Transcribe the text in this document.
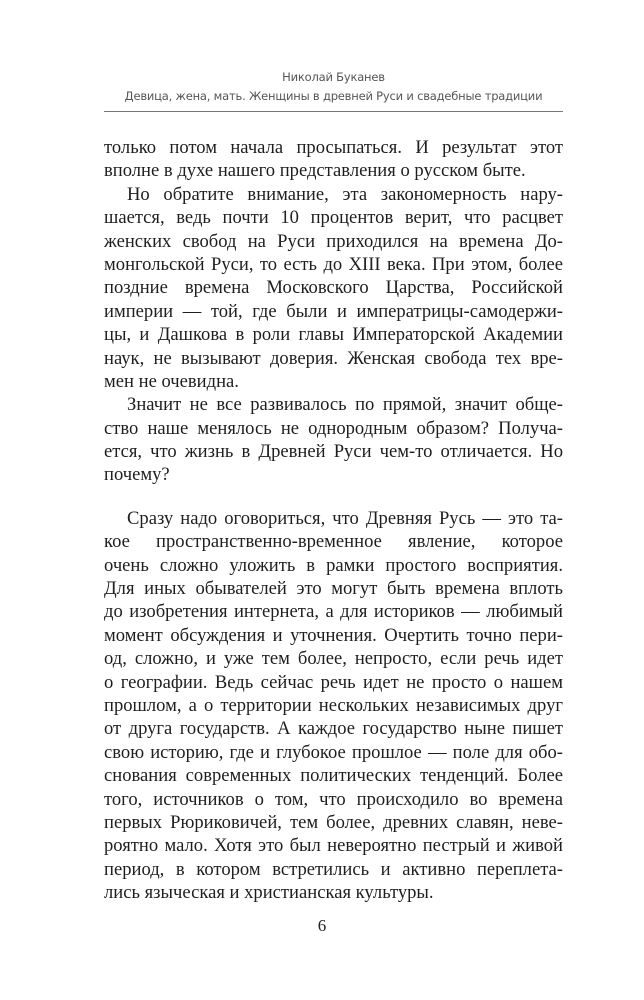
Николай Буканев
Девица, жена, мать. Женщины в древней Руси и свадебные традиции
только потом начала просыпаться. И результат этот
вполне в духе нашего представления о русском быте.
Но обратите внимание, эта закономерность нару-
шается, ведь почти 10 процентов верит, что расцвет
женских свобод на Руси приходился на времена До-
монгольской Руси, то есть до XIII века. При этом, более
поздние времена Московского Царства, Российской
империи — той, где были и императрицы-самодержи-
цы, и Дашкова в роли главы Императорской Академии
наук, не вызывают доверия. Женская свобода тех вре-
мен не очевидна.
Значит не все развивалось по прямой, значит обще-
ство наше менялось не однородным образом? Получа-
ется, что жизнь в Древней Руси чем-то отличается. Но
почему?
Сразу надо оговориться, что Древняя Русь — это та-
кое пространственно-временное явление, которое
очень сложно уложить в рамки простого восприятия.
Для иных обывателей это могут быть времена вплоть
до изобретения интернета, а для историков — любимый
момент обсуждения и уточнения. Очертить точно пери-
од, сложно, и уже тем более, непросто, если речь идет
о географии. Ведь сейчас речь идет не просто о нашем
прошлом, а о территории нескольких независимых друг
от друга государств. А каждое государство ныне пишет
свою историю, где и глубокое прошлое — поле для обо-
снования современных политических тенденций. Более
того, источников о том, что происходило во времена
первых Рюриковичей, тем более, древних славян, неве-
роятно мало. Хотя это был невероятно пестрый и живой
период, в котором встретились и активно переплета-
лись языческая и христианская культуры.
6
